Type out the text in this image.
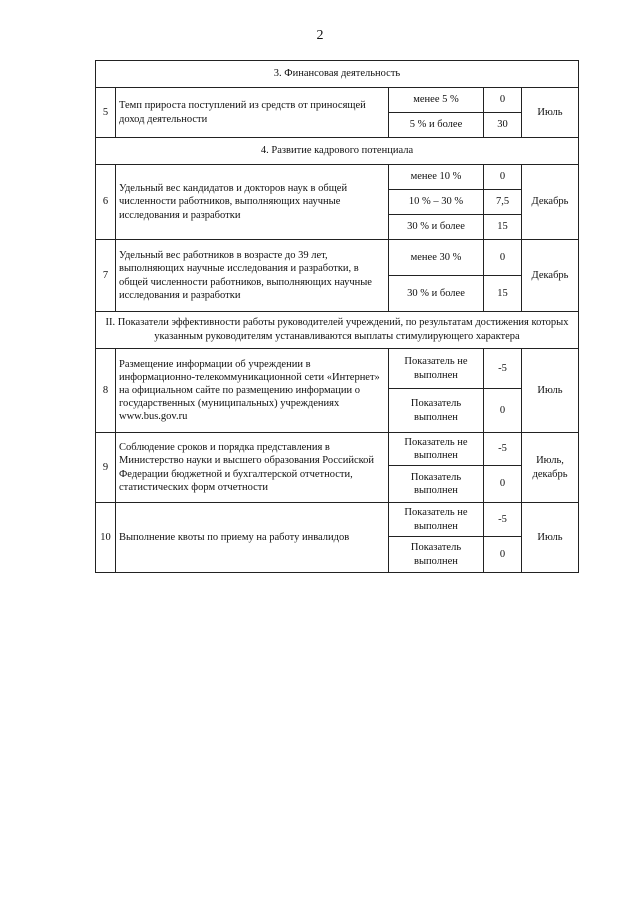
2
3. Финансовая деятельность				
5	Темп прироста поступлений из средств от приносящей доход деятельности	менее 5 %	0	Июль
		5 % и более	30	
4. Развитие кадрового потенциала				
6	Удельный вес кандидатов и докторов наук в общей численности работников, выполняющих научные исследования и разработки	менее 10 %	0	Декабрь
		10 % – 30 %	7,5	
		30 % и более	15	
7	Удельный вес работников в возрасте до 39 лет, выполняющих научные исследования и разработки, в общей численности работников, выполняющих научные исследования и разработки	менее 30 %	0	Декабрь
		30 % и более	15	
II. Показатели эффективности работы руководителей учреждений, по результатам достижения которых указанным руководителям устанавливаются выплаты стимулирующего характера				
8	Размещение информации об учреждении в информационно-телекоммуникационной сети «Интернет» на официальном сайте по размещению информации о государственных (муниципальных) учреждениях www.bus.gov.ru	Показатель не выполнен	-5	Июль
		Показатель выполнен	0	
9	Соблюдение сроков и порядка представления в Министерство науки и высшего образования Российской Федерации бюджетной и бухгалтерской отчетности, статистических форм отчетности	Показатель не выполнен	-5	Июль, декабрь
		Показатель выполнен	0	
10	Выполнение квоты по приему на работу инвалидов	Показатель не выполнен	-5	Июль
		Показатель выполнен	0	
